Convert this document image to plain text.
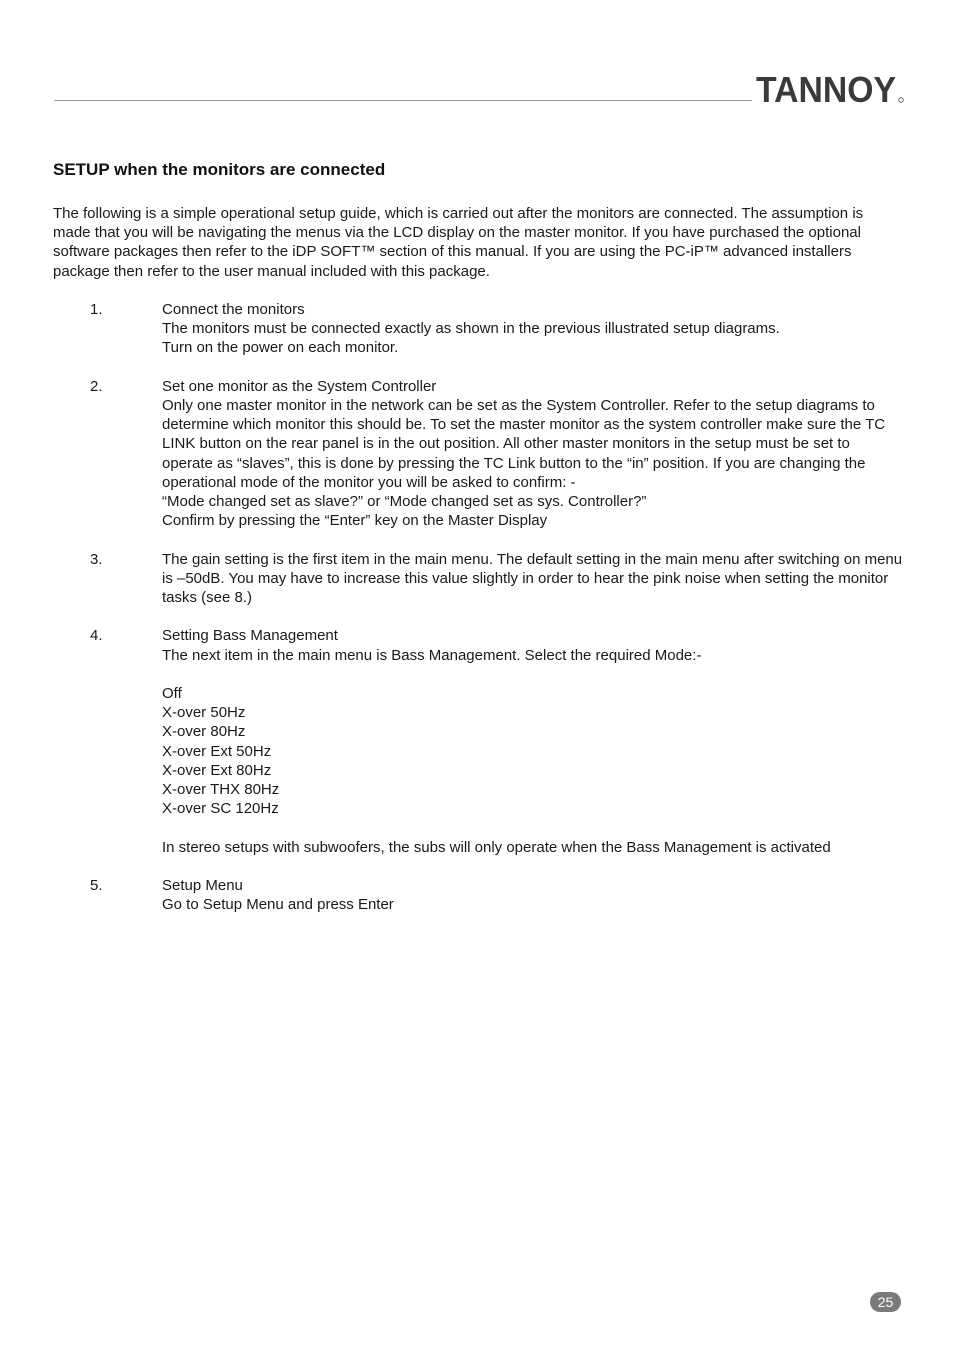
TANNOY
SETUP when the monitors are connected

The following is a simple operational setup guide, which is carried out after the monitors are connected. The assumption is made that you will be navigating the menus via the LCD display on the master monitor. If you have purchased the optional software packages then refer to the iDP SOFT™ section of this manual. If you are using the PC-iP™ advanced installers package then refer to the user manual included with this package.

1.	Connect the monitors

The monitors must be connected exactly as shown in the previous illustrated setup diagrams.

Turn on the power on each monitor.

2.	Set one monitor as the System Controller

Only one master monitor in the network can be set as the System Controller. Refer to the setup diagrams to determine which monitor this should be. To set the master monitor as the system controller make sure the TC LINK button on the rear panel is in the out position. All other master monitors in the setup must be set to operate as “slaves”, this is done by pressing the TC Link button to the “in” position. If you are changing the operational mode of the monitor you will be asked to confirm: -

“Mode changed set as slave?” or “Mode changed set as sys. Controller?”

Confirm by pressing the “Enter” key on the Master Display

3.	The gain setting is the first item in the main menu. The default setting in the main menu after switching on menu is –50dB. You may have to increase this value slightly in order to hear the pink noise when setting the monitor tasks (see 8.)

4.	Setting Bass Management

The next item in the main menu is Bass Management. Select the required Mode:-

Off

X-over 50Hz

X-over 80Hz

X-over Ext 50Hz

X-over Ext 80Hz

X-over THX 80Hz

X-over SC 120Hz

In stereo setups with subwoofers, the subs will only operate when the Bass Management is activated

5.	Setup Menu

Go to Setup Menu and press Enter

25
